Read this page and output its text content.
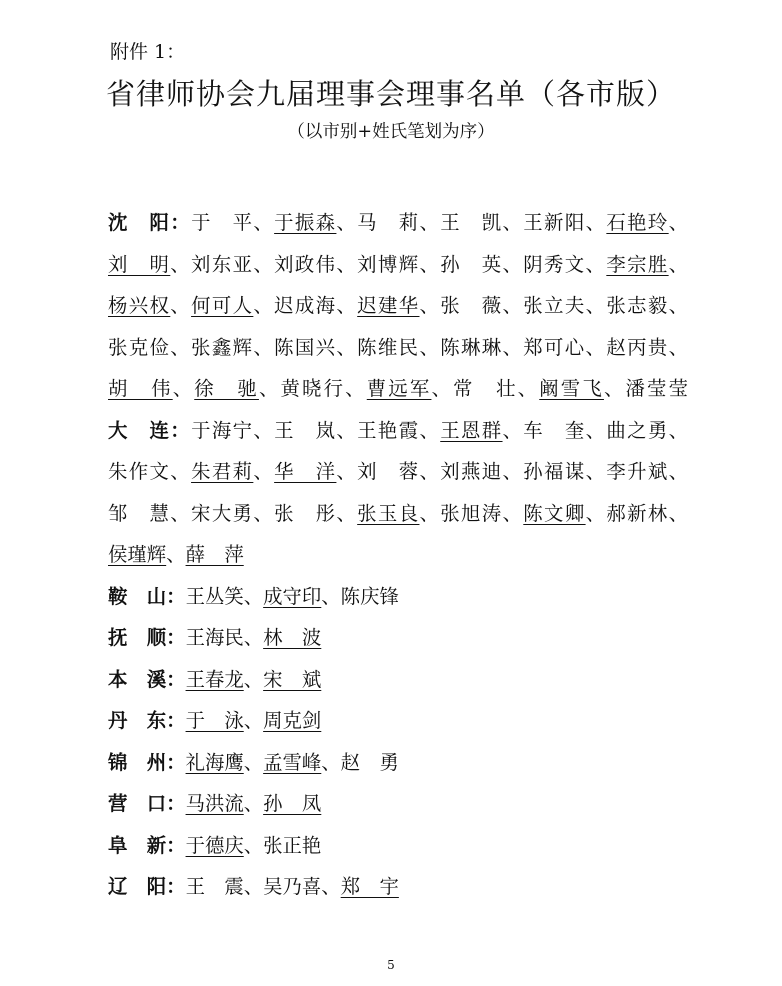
附件 1：
省律师协会九届理事会理事名单（各市版）
（以市别+姓氏笔划为序）
沈　阳：于　平、于振森、马　莉、王　凯、王新阳、石艳玲、
刘　明、刘东亚、刘政伟、刘博辉、孙　英、阴秀文、李宗胜、
杨兴权、何可人、迟成海、迟建华、张　薇、张立夫、张志毅、
张克俭、张鑫辉、陈国兴、陈维民、陈琳琳、郑可心、赵丙贵、
胡　伟、徐　驰、黄晓行、曹远军、常　壮、阚雪飞、潘莹莹
大　连：于海宁、王　岚、王艳霞、王恩群、车　奎、曲之勇、
朱作文、朱君莉、华　洋、刘　蓉、刘燕迪、孙福谋、李升斌、
邹　慧、宋大勇、张　彤、张玉良、张旭涛、陈文卿、郝新林、
侯瑾辉、薛　萍
鞍　山：王丛笑、成守印、陈庆锋
抚　顺：王海民、林　波
本　溪：王春龙、宋　斌
丹　东：于　泳、周克剑
锦　州：礼海鹰、孟雪峰、赵　勇
营　口：马洪流、孙　凤
阜　新：于德庆、张正艳
辽　阳：王　震、吴乃喜、郑　宇
5
